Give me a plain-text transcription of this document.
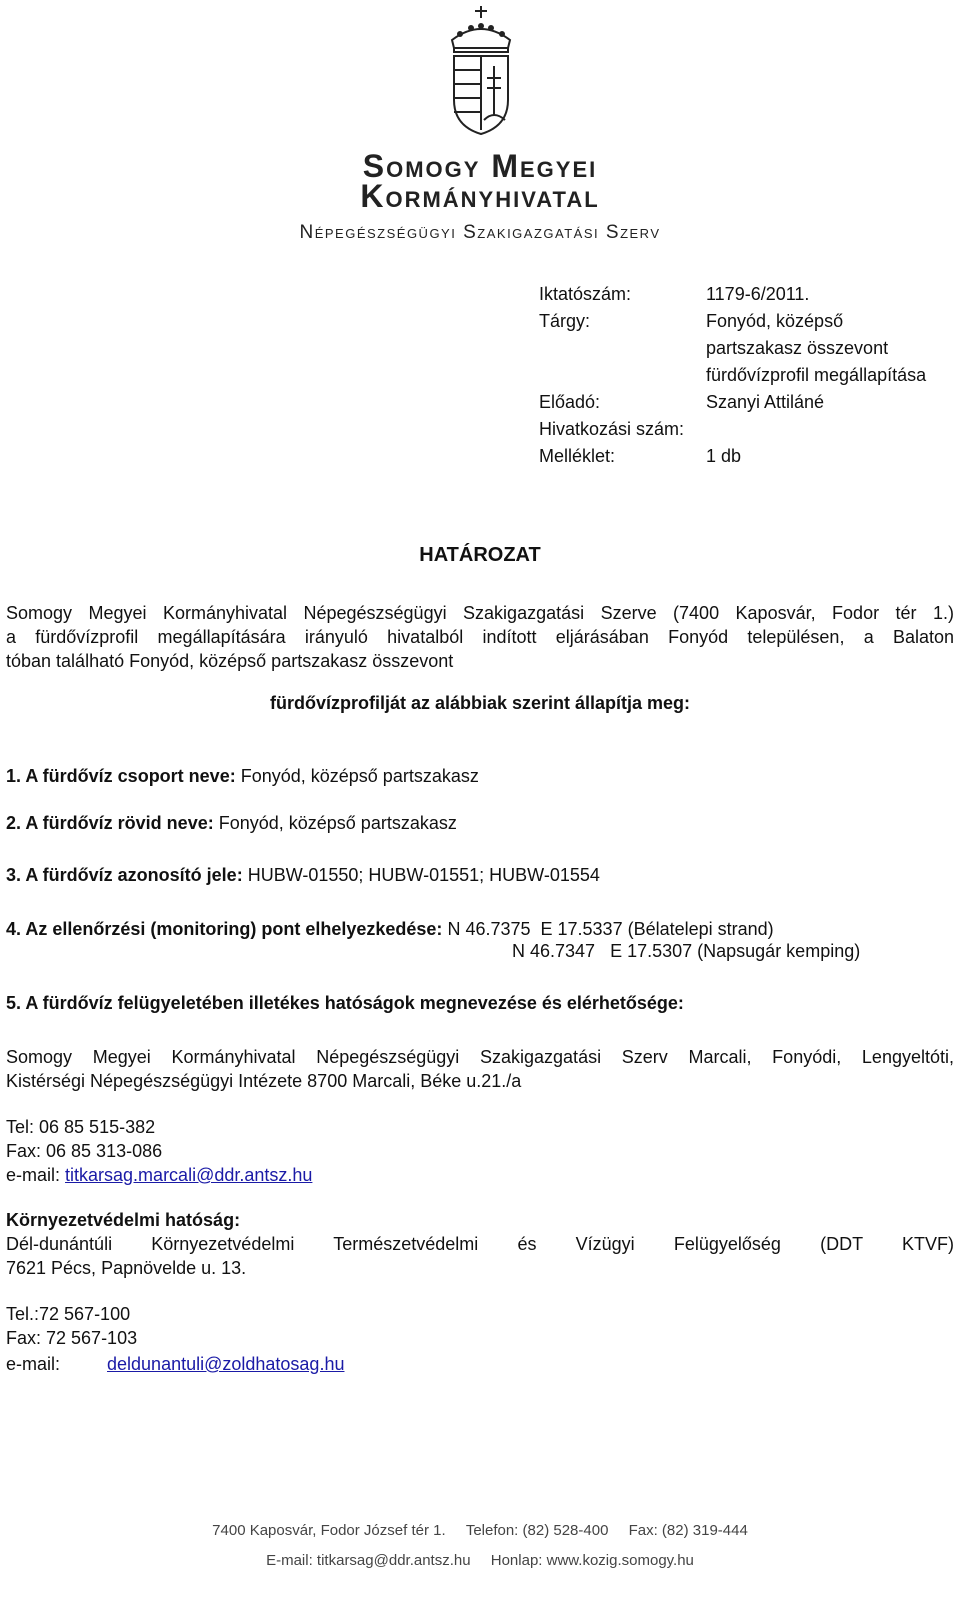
Somogy Megyei
Kormányhivatal
Népegészségügyi Szakigazgatási Szerv
Iktatószám:	1179-6/2011.
Tárgy:	Fonyód, középső
partszakasz összevont
fürdővízprofil megállapítása
Előadó:	Szanyi Attiláné
Hivatkozási szám:
Melléklet:	1 db
HATÁROZAT
Somogy Megyei Kormányhivatal Népegészségügyi Szakigazgatási Szerve (7400 Kaposvár, Fodor tér 1.)
a fürdővízprofil megállapítására irányuló hivatalból indított eljárásában Fonyód településen, a Balaton
tóban található Fonyód, középső partszakasz összevont
fürdővízprofilját az alábbiak szerint állapítja meg:
1. A fürdővíz csoport neve: Fonyód, középső partszakasz
2. A fürdővíz rövid neve: Fonyód, középső partszakasz
3. A fürdővíz azonosító jele: HUBW-01550; HUBW-01551; HUBW-01554
4. Az ellenőrzési (monitoring) pont elhelyezkedése: N 46.7375  E 17.5337 (Bélatelepi strand)
N 46.7347   E 17.5307 (Napsugár kemping)
5. A fürdővíz felügyeletében illetékes hatóságok megnevezése és elérhetősége:
Somogy Megyei Kormányhivatal Népegészségügyi Szakigazgatási Szerv Marcali, Fonyódi, Lengyeltóti,
Kistérségi Népegészségügyi Intézete 8700 Marcali, Béke u.21./a
Tel: 06 85 515-382
Fax: 06 85 313-086
e-mail: titkarsag.marcali@ddr.antsz.hu
Környezetvédelmi hatóság:
Dél-dunántúli Környezetvédelmi Természetvédelmi és Vízügyi Felügyelőség (DDT KTVF)
7621 Pécs, Papnövelde u. 13.
Tel.:72 567-100
Fax: 72 567-103
e-mail:	deldunantuli@zoldhatosag.hu
7400 Kaposvár, Fodor József tér 1. Telefon: (82) 528-400 Fax: (82) 319-444
E-mail: titkarsag@ddr.antsz.hu Honlap: www.kozig.somogy.hu
